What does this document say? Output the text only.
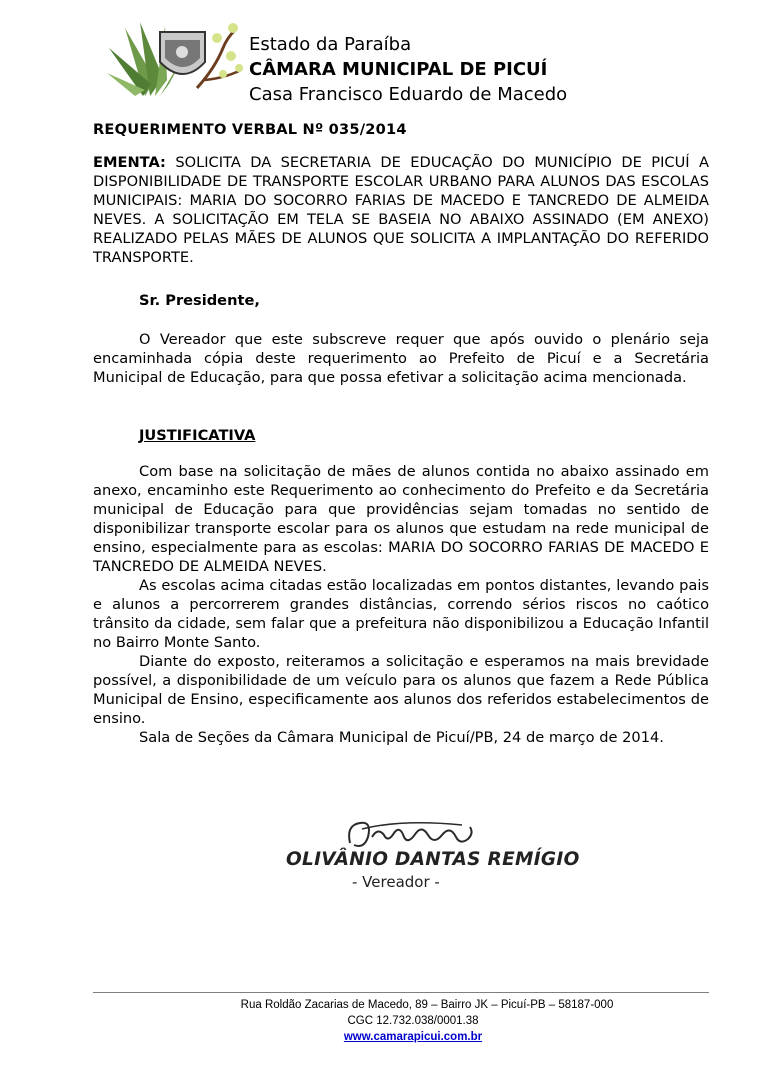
Estado da Paraíba
CÂMARA MUNICIPAL DE PICUÍ
Casa Francisco Eduardo de Macedo
REQUERIMENTO VERBAL Nº 035/2014
EMENTA: SOLICITA DA SECRETARIA DE EDUCAÇÃO DO MUNICÍPIO DE PICUÍ A DISPONIBILIDADE DE TRANSPORTE ESCOLAR URBANO PARA ALUNOS DAS ESCOLAS MUNICIPAIS: MARIA DO SOCORRO FARIAS DE MACEDO E TANCREDO DE ALMEIDA NEVES. A SOLICITAÇÃO EM TELA SE BASEIA NO ABAIXO ASSINADO (EM ANEXO) REALIZADO PELAS MÃES DE ALUNOS QUE SOLICITA A IMPLANTAÇÃO DO REFERIDO TRANSPORTE.
Sr. Presidente,
O Vereador que este subscreve requer que após ouvido o plenário seja encaminhada cópia deste requerimento ao Prefeito de Picuí e a Secretária Municipal de Educação, para que possa efetivar a solicitação acima mencionada.
JUSTIFICATIVA
Com base na solicitação de mães de alunos contida no abaixo assinado em anexo, encaminho este Requerimento ao conhecimento do Prefeito e da Secretária municipal de Educação para que providências sejam tomadas no sentido de disponibilizar transporte escolar para os alunos que estudam na rede municipal de ensino, especialmente para as escolas: MARIA DO SOCORRO FARIAS DE MACEDO E TANCREDO DE ALMEIDA NEVES.
As escolas acima citadas estão localizadas em pontos distantes, levando pais e alunos a percorrerem grandes distâncias, correndo sérios riscos no caótico trânsito da cidade, sem falar que a prefeitura não disponibilizou a Educação Infantil no Bairro Monte Santo.
Diante do exposto, reiteramos a solicitação e esperamos na mais brevidade possível, a disponibilidade de um veículo para os alunos que fazem a Rede Pública Municipal de Ensino, especificamente aos alunos dos referidos estabelecimentos de ensino.
Sala de Seções da Câmara Municipal de Picuí/PB, 24 de março de 2014.
OLIVÂNIO DANTAS REMÍGIO
- Vereador -
Rua Roldão Zacarias de Macedo, 89 – Bairro JK – Picuí-PB – 58187-000
CGC 12.732.038/0001.38
www.camarapicui.com.br
